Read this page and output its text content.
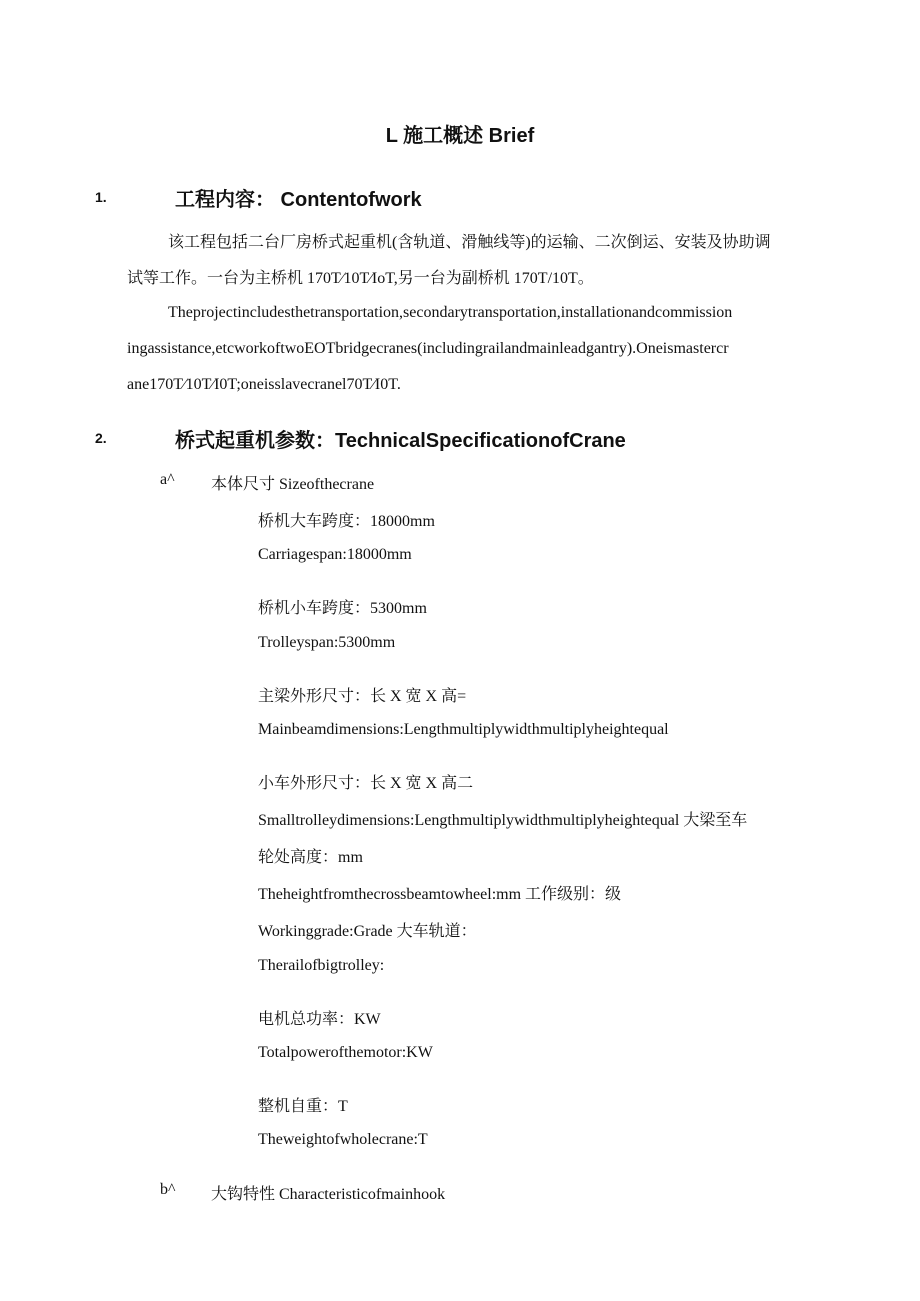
L 施工概述 Brief
1.	工程内容： Contentofwork
该工程包括二台厂房桥式起重机(含轨道、滑触线等)的运输、二次倒运、安装及协助调
试等工作。一台为主桥机 170T⁄10T⁄IoT,另一台为副桥机 170T/10T。
Theprojectincludesthetransportation,secondarytransportation,installationandcommission
ingassistance,etcworkoftwoEOTbridgecranes(includingrailandmainleadgantry).Oneismastercr
ane170T⁄10T⁄I0T;oneisslavecranel70T⁄I0T.
2.	桥式起重机参数：TechnicalSpecificationofCrane
a^ 本体尺寸 Sizeofthecrane
桥机大车跨度：18000mm
Carriagespan:18000mm
桥机小车跨度：5300mm
Trolleyspan:5300mm
主梁外形尺寸：长 X 宽 X 高=
Mainbeamdimensions:Lengthmultiplywidthmultiplyheightequal
小车外形尺寸：长 X 宽 X 高二
Smalltrolleydimensions:Lengthmultiplywidthmultiplyheightequal 大梁至车
轮处高度：mm
Theheightfromthecrossbeamtowheel:mm 工作级别：级
Workinggrade:Grade 大车轨道：
Therailofbigtrolley:
电机总功率：KW
Totalpowerofthemotor:KW
整机自重：T
Theweightofwholecrane:T
b^ 大钩特性 Characteristicofmainhook
